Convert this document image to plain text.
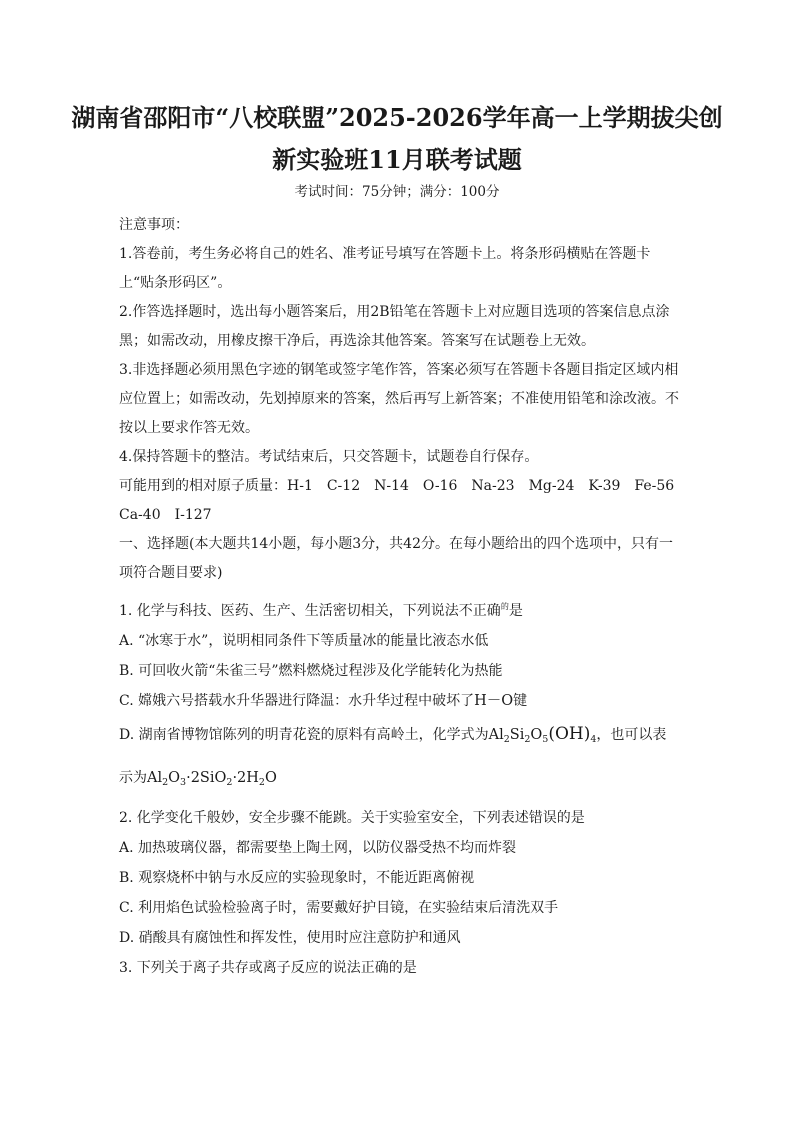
湖南省邵阳市“八校联盟”2025-2026学年高一上学期拔尖创
新实验班11月联考试题
考试时间：75分钟；满分：100分

注意事项：

1.答卷前，考生务必将自己的姓名、准考证号填写在答题卡上。将条形码横贴在答题卡上“贴条形码区”。

2.作答选择题时，选出每小题答案后，用2B铅笔在答题卡上对应题目选项的答案信息点涂黑；如需改动，用橡皮擦干净后，再选涂其他答案。答案写在试题卷上无效。

3.非选择题必须用黑色字迹的钢笔或签字笔作答，答案必须写在答题卡各题目指定区域内相应位置上；如需改动，先划掉原来的答案，然后再写上新答案；不准使用铅笔和涂改液。不按以上要求作答无效。

4.保持答题卡的整洁。考试结束后，只交答题卡，试题卷自行保存。

可能用到的相对原子质量：H-1　C-12　N-14　O-16　Na-23　Mg-24　K-39　Fe-56　Ca-40　I-127

一、选择题(本大题共14小题，每小题3分，共42分。在每小题给出的四个选项中，只有一项符合题目要求)

1. 化学与科技、医药、生产、生活密切相关，下列说法不正确$^的$是

A. “冰寒于水”，说明相同条件下等质量冰的能量比液态水低

B. 可回收火箭“朱雀三号”燃料燃烧过程涉及化学能转化为热能

C. 嫦娥六号搭载水升华器进行降温：水升华过程中破坏了H－O键

D. 湖南省博物馆陈列的明青花瓷的原料有高岭土，化学式为$Al_2Si_2O_5(OH)_4$，也可以表

示为$Al_2O_3\cdot 2SiO_2\cdot 2H_2O$

2. 化学变化千般妙，安全步骤不能跳。关于实验室安全，下列表述错误的是

A. 加热玻璃仪器，都需要垫上陶土网，以防仪器受热不均而炸裂

B. 观察烧杯中钠与水反应的实验现象时，不能近距离俯视

C. 利用焰色试验检验离子时，需要戴好护目镜，在实验结束后清洗双手

D. 硝酸具有腐蚀性和挥发性，使用时应注意防护和通风

3. 下列关于离子共存或离子反应的说法正确的是
